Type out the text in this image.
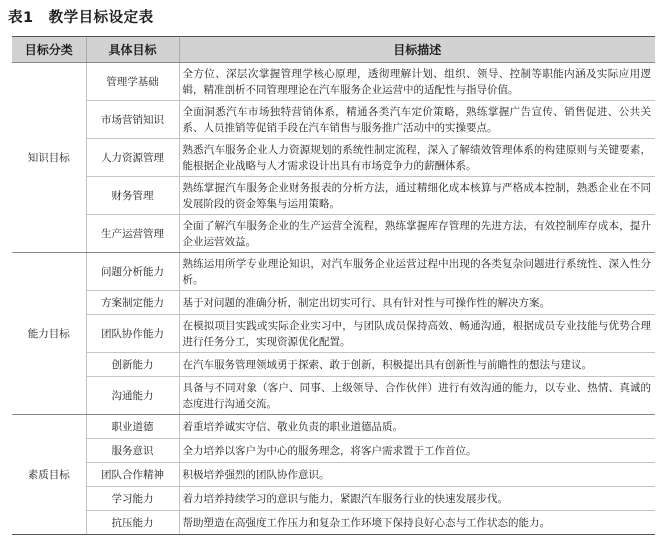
表1　教学目标设定表
目标分类	具体目标	目标描述
知识目标	管理学基础	全方位、深层次掌握管理学核心原理，透彻理解计划、组织、领导、控制等职能内涵及实际应用逻辑，精准剖析不同管理理论在汽车服务企业运营中的适配性与指导价值。
	市场营销知识	全面洞悉汽车市场独特营销体系，精通各类汽车定价策略，熟练掌握广告宣传、销售促进、公共关系、人员推销等促销手段在汽车销售与服务推广活动中的实操要点。
	人力资源管理	熟悉汽车服务企业人力资源规划的系统性制定流程，深入了解绩效管理体系的构建原则与关键要素，能根据企业战略与人才需求设计出具有市场竞争力的薪酬体系。
	财务管理	熟练掌握汽车服务企业财务报表的分析方法，通过精细化成本核算与严格成本控制，熟悉企业在不同发展阶段的资金筹集与运用策略。
	生产运营管理	全面了解汽车服务企业的生产运营全流程，熟练掌握库存管理的先进方法，有效控制库存成本，提升企业运营效益。
能力目标	问题分析能力	熟练运用所学专业理论知识，对汽车服务企业运营过程中出现的各类复杂问题进行系统性、深入性分析。
	方案制定能力	基于对问题的准确分析，制定出切实可行、具有针对性与可操作性的解决方案。
	团队协作能力	在模拟项目实践或实际企业实习中，与团队成员保持高效、畅通沟通，根据成员专业技能与优势合理进行任务分工，实现资源优化配置。
	创新能力	在汽车服务管理领域勇于探索、敢于创新，积极提出具有创新性与前瞻性的想法与建议。
	沟通能力	具备与不同对象（客户、同事、上级领导、合作伙伴）进行有效沟通的能力，以专业、热情、真诚的态度进行沟通交流。
素质目标	职业道德	着重培养诚实守信、敬业负责的职业道德品质。
	服务意识	全力培养以客户为中心的服务理念，将客户需求置于工作首位。
	团队合作精神	积极培养强烈的团队协作意识。
	学习能力	着力培养持续学习的意识与能力，紧跟汽车服务行业的快速发展步伐。
	抗压能力	帮助塑造在高强度工作压力和复杂工作环境下保持良好心态与工作状态的能力。
